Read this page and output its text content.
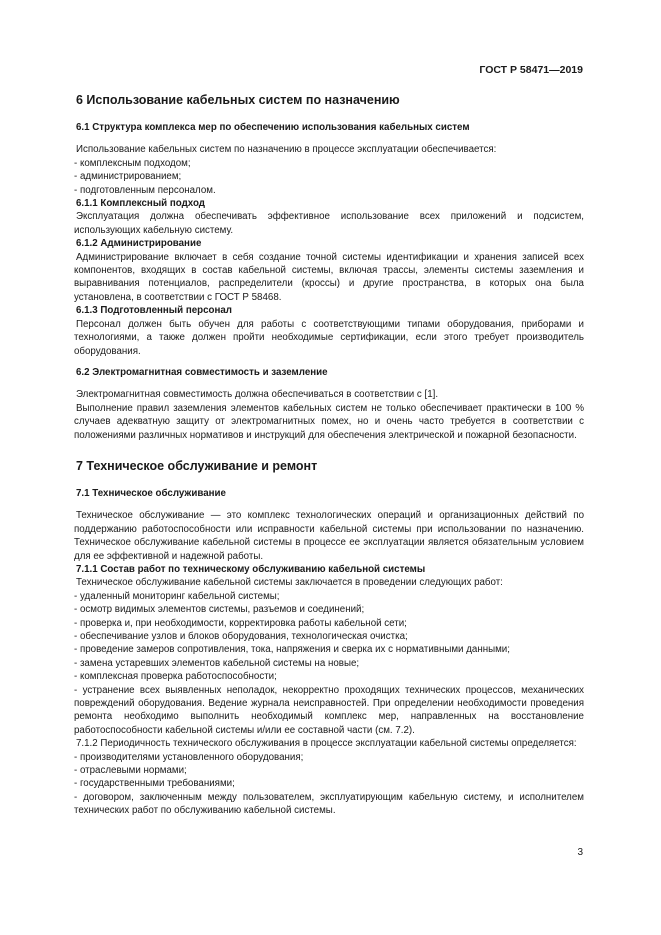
ГОСТ Р 58471—2019
6 Использование кабельных систем по назначению
6.1 Структура комплекса мер по обеспечению использования кабельных систем

Использование кабельных систем по назначению в процессе эксплуатации обеспечивается:

- комплексным подходом;
- администрированием;
- подготовленным персоналом.
6.1.1 Комплексный подход

Эксплуатация должна обеспечивать эффективное использование всех приложений и подсистем, использующих кабельную систему.

6.1.2 Администрирование

Администрирование включает в себя создание точной системы идентификации и хранения записей всех компонентов, входящих в состав кабельной системы, включая трассы, элементы системы заземления и выравнивания потенциалов, распределители (кроссы) и другие пространства, в которых она была установлена, в соответствии с ГОСТ Р 58468.

6.1.3 Подготовленный персонал

Персонал должен быть обучен для работы с соответствующими типами оборудования, приборами и технологиями, а также должен пройти необходимые сертификации, если этого требует производитель оборудования.

6.2 Электромагнитная совместимость и заземление

Электромагнитная совместимость должна обеспечиваться в соответствии с [1].

Выполнение правил заземления элементов кабельных систем не только обеспечивает практически в 100 % случаев адекватную защиту от электромагнитных помех, но и очень часто требуется в соответствии с положениями различных нормативов и инструкций для обеспечения электрической и пожарной безопасности.

7 Техническое обслуживание и ремонт
7.1 Техническое обслуживание

Техническое обслуживание — это комплекс технологических операций и организационных действий по поддержанию работоспособности или исправности кабельной системы при использовании по назначению. Техническое обслуживание кабельной системы в процессе ее эксплуатации является обязательным условием для ее эффективной и надежной работы.

7.1.1 Состав работ по техническому обслуживанию кабельной системы

Техническое обслуживание кабельной системы заключается в проведении следующих работ:

- удаленный мониторинг кабельной системы;
- осмотр видимых элементов системы, разъемов и соединений;
- проверка и, при необходимости, корректировка работы кабельной сети;
- обеспечивание узлов и блоков оборудования, технологическая очистка;
- проведение замеров сопротивления, тока, напряжения и сверка их с нормативными данными;
- замена устаревших элементов кабельной системы на новые;
- комплексная проверка работоспособности;
- устранение всех выявленных неполадок, некорректно проходящих технических процессов, механических повреждений оборудования. Ведение журнала неисправностей. При определении необходимости проведения ремонта необходимо выполнить необходимый комплекс мер, направленных на восстановление работоспособности кабельной системы и/или ее составной части (см. 7.2).

7.1.2 Периодичность технического обслуживания в процессе эксплуатации кабельной системы определяется:

- производителями установленного оборудования;
- отраслевыми нормами;
- государственными требованиями;
- договором, заключенным между пользователем, эксплуатирующим кабельную систему, и исполнителем технических работ по обслуживанию кабельной системы.
3
